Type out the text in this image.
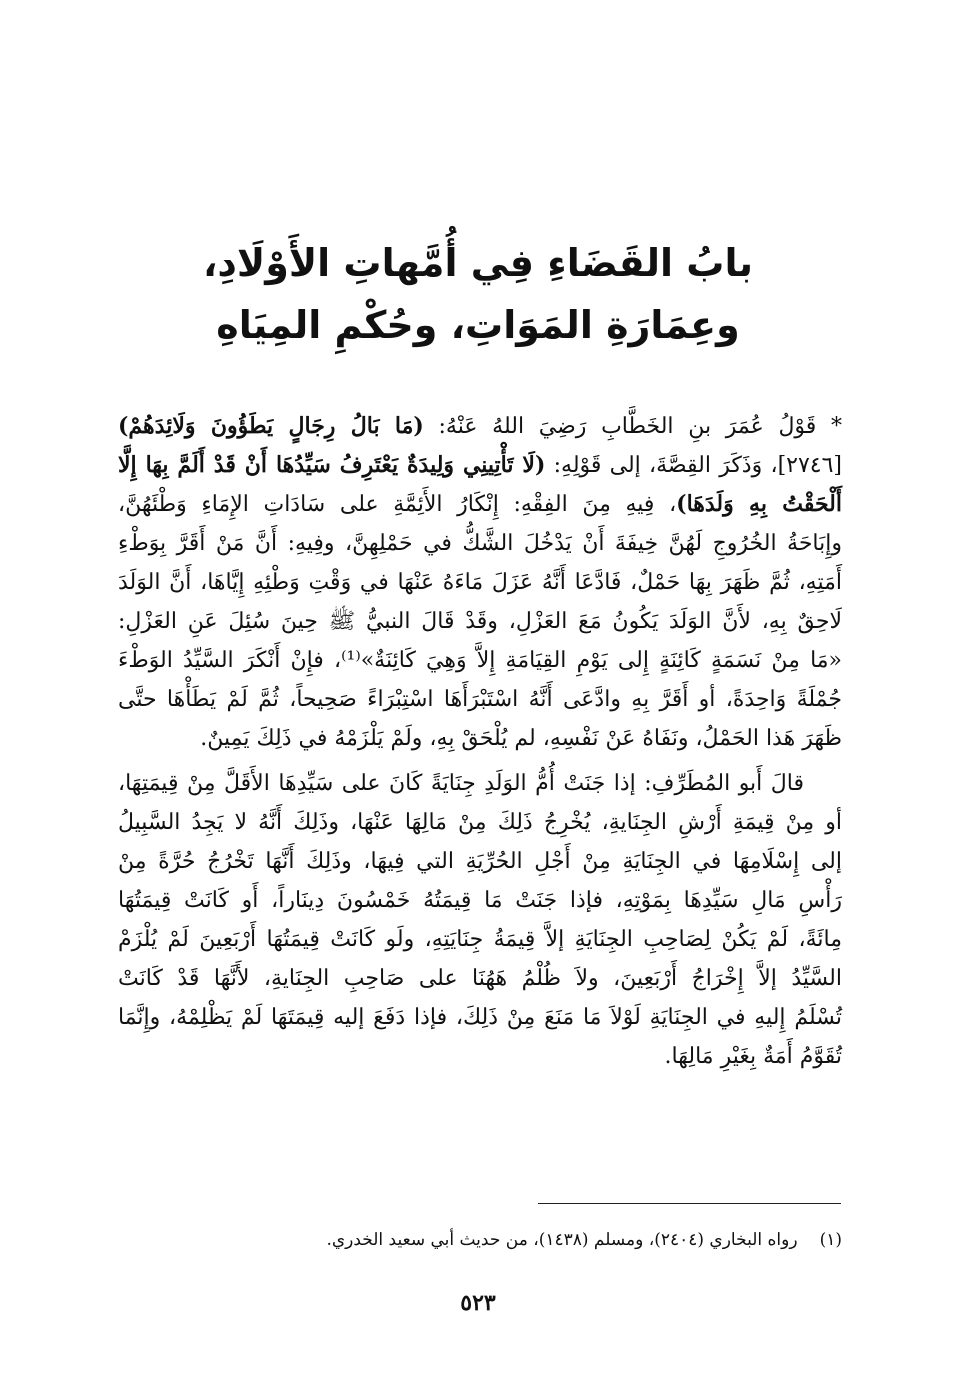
بابُ القَضَاءِ فِي أُمَّهاتِ الأَوْلَادِ،
وعِمَارَةِ المَوَاتِ، وحُكْمِ المِيَاهِ
* قَوْلُ عُمَرَ بنِ الخَطَّابِ رَضِيَ اللهُ عَنْهُ: (مَا بَالُ رِجَالٍ يَطَؤُونَ وَلَائِدَهُمْ)
[٢٧٤٦]، وَذَكَرَ القِصَّةَ، إلى قَوْلِهِ: (لَا تَأْتِينِي وَلِيدَةٌ يَعْتَرِفُ سَيِّدُهَا أَنْ قَدْ أَلَمَّ بِهَا إِلَّا
أَلْحَقْتُ بِهِ وَلَدَهَا)، فِيهِ مِنَ الفِقْهِ: إِنْكَارُ الأَئِمَّةِ على سَادَاتِ الإِمَاءِ وَطْئَهُنَّ،
وإِبَاحَةُ الخُرُوجِ لَهُنَّ خِيفَةَ أَنْ يَدْخُلَ الشَّكُّ في حَمْلِهِنَّ، وفِيهِ: أَنَّ مَنْ أَقَرَّ بِوَطْءِ
أَمَتِهِ، ثُمَّ ظَهَرَ بِهَا حَمْلٌ، فَادَّعَا أَنَّهُ عَزَلَ مَاءَهُ عَنْهَا في وَقْتِ وَطْئِهِ إِيَّاهَا، أَنَّ الوَلَدَ
لَاحِقٌ بِهِ، لأَنَّ الوَلَدَ يَكُونُ مَعَ العَزْلِ، وقَدْ قَالَ النبيُّ ﷺ حِينَ سُئِلَ عَنِ العَزْلِ:
«مَا مِنْ نَسَمَةٍ كَائِنَةٍ إِلى يَوْمِ القِيَامَةِ إِلاَّ وَهِيَ كَائِنَةٌ»⁽¹⁾، فإِنْ أَنْكَرَ السَّيِّدُ الوَطْءَ
جُمْلَةً وَاحِدَةً، أو أَقَرَّ بِهِ وادَّعَى أَنَّهُ اسْتَبْرَأَهَا اسْتِبْرَاءً صَحِيحاً، ثُمَّ لَمْ يَطَأْهَا حتَّى
ظَهَرَ هَذا الحَمْلُ، ونَفَاهُ عَنْ نَفْسِهِ، لم يُلْحَقْ بِهِ، ولَمْ يَلْزَمْهُ في ذَلِكَ يَمِينٌ.
قالَ أَبو المُطَرِّفِ: إذا جَنَتْ أُمُّ الوَلَدِ جِنَايَةً كَانَ على سَيِّدِهَا الأَقَلَّ مِنْ قِيمَتِهَا،
أو مِنْ قِيمَةِ أَرْشِ الجِنَايةِ، يُخْرِجُ ذَلِكَ مِنْ مَالِهَا عَنْهَا، وذَلِكَ أَنَّهُ لا يَجِدُ السَّبِيلُ
إلى إِسْلَامِهَا في الجِنَايَةِ مِنْ أَجْلِ الحُرِّيَةِ التي فِيهَا، وذَلِكَ أَنَّهَا تَخْرُجُ حُرَّةً مِنْ
رَأْسِ مَالِ سَيِّدِهَا بِمَوْتِهِ، فإذا جَنَتْ مَا قِيمَتُهُ خَمْسُونَ دِينَاراً، أَو كَانَتْ قِيمَتُهَا
مِائَةً، لَمْ يَكُنْ لِصَاحِبِ الجِنَايَةِ إلاَّ قِيمَةُ جِنَايَتِهِ، ولَو كَانَتْ قِيمَتُهَا أَرْبَعِينَ لَمْ يُلْزَمْ
السَّيِّدُ إلاَّ إِخْرَاجُ أَرْبَعِينَ، ولاَ ظُلْمُ هَهُنَا على صَاحِبِ الجِنَايةِ، لأَنَّهَا قَدْ كَانَتْ
تُسْلَمُ إِليهِ في الجِنَايَةِ لَوْلاَ مَا مَنَعَ مِنْ ذَلِكَ، فإذا دَفَعَ إليه قِيمَتَهَا لَمْ يَظْلِمْهُ، وإِنَّمَا
تُقَوَّمُ أَمَةٌ بِغَيْرِ مَالِهَا.
(١)رواه البخاري (٢٤٠٤)، ومسلم (١٤٣٨)، من حديث أبي سعيد الخدري.
٥٢٣
